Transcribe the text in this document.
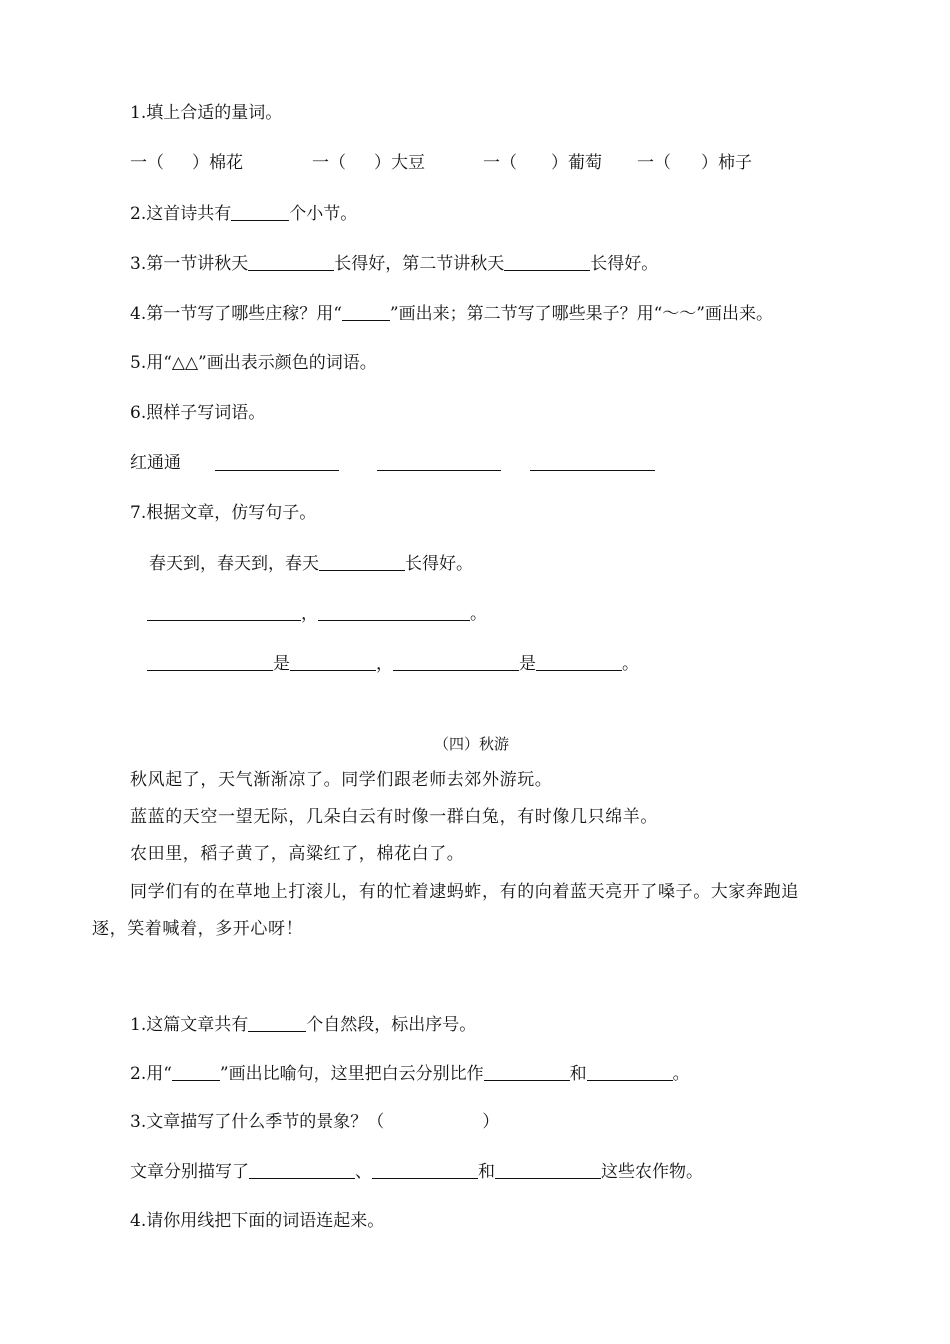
1.填上合适的量词。
一（ ）棉花	一（ ）大豆	一（ ）葡萄 一（ ）柿子
2.这首诗共有	个小节。
3.第一节讲秋天	长得好，第二节讲秋天	长得好。
4.第一节写了哪些庄稼？用“	”画出来；第二节写了哪些果子？用“～～”画出来。
5.用“△△”画出表示颜色的词语。
6.照样子写词语。
红通通
7.根据文章，仿写句子。
春天到，春天到，春天	长得好。
，	。
是	，	是	。
（四）秋游
秋风起了，天气渐渐凉了。同学们跟老师去郊外游玩。
蓝蓝的天空一望无际，几朵白云有时像一群白兔，有时像几只绵羊。
农田里，稻子黄了，高粱红了，棉花白了。
同学们有的在草地上打滚儿，有的忙着逮蚂蚱，有的向着蓝天亮开了嗓子。大家奔跑追
逐，笑着喊着，多开心呀！
1.这篇文章共有	个自然段，标出序号。
2.用“	”画出比喻句，这里把白云分别比作	和	。
3.文章描写了什么季节的景象？（	）
文章分别描写了	、	和	这些农作物。
4.请你用线把下面的词语连起来。
